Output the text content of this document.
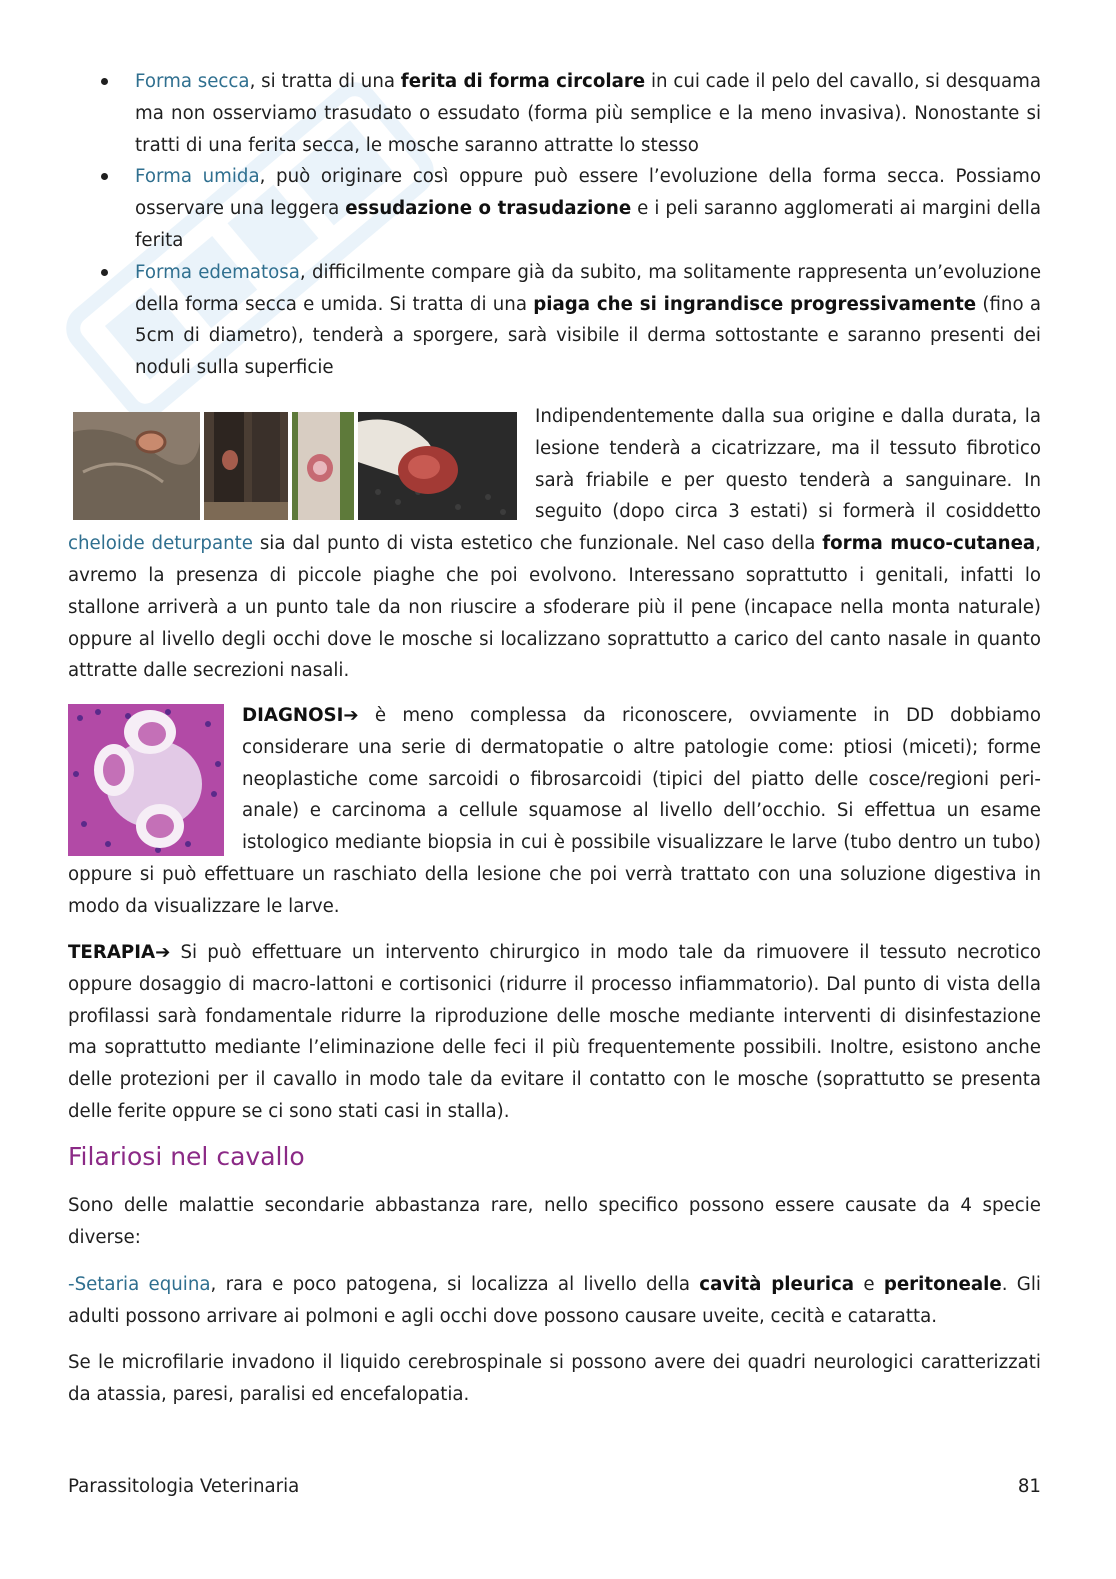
Forma secca, si tratta di una ferita di forma circolare in cui cade il pelo del cavallo, si desquama ma non osserviamo trasudato o essudato (forma più semplice e la meno invasiva). Nonostante si tratti di una ferita secca, le mosche saranno attratte lo stesso
Forma umida, può originare così oppure può essere l’evoluzione della forma secca. Possiamo osservare una leggera essudazione o trasudazione e i peli saranno agglomerati ai margini della ferita
Forma edematosa, difficilmente compare già da subito, ma solitamente rappresenta un’evoluzione della forma secca e umida. Si tratta di una piaga che si ingrandisce progressivamente (fino a 5cm di diametro), tenderà a sporgere, sarà visibile il derma sottostante e saranno presenti dei noduli sulla superficie
Indipendentemente dalla sua origine e dalla durata, la lesione tenderà a cicatrizzare, ma il tessuto fibrotico sarà friabile e per questo tenderà a sanguinare. In seguito (dopo circa 3 estati) si formerà il cosiddetto cheloide deturpante sia dal punto di vista estetico che funzionale. Nel caso della forma muco-cutanea, avremo la presenza di piccole piaghe che poi evolvono. Interessano soprattutto i genitali, infatti lo stallone arriverà a un punto tale da non riuscire a sfoderare più il pene (incapace nella monta naturale) oppure al livello degli occhi dove le mosche si localizzano soprattutto a carico del canto nasale in quanto attratte dalle secrezioni nasali.
DIAGNOSI➔ è meno complessa da riconoscere, ovviamente in DD dobbiamo considerare una serie di dermatopatie o altre patologie come: ptiosi (miceti); forme neoplastiche come sarcoidi o fibrosarcoidi (tipici del piatto delle cosce/regioni peri-anale) e carcinoma a cellule squamose al livello dell’occhio. Si effettua un esame istologico mediante biopsia in cui è possibile visualizzare le larve (tubo dentro un tubo) oppure si può effettuare un raschiato della lesione che poi verrà trattato con una soluzione digestiva in modo da visualizzare le larve.
TERAPIA➔ Si può effettuare un intervento chirurgico in modo tale da rimuovere il tessuto necrotico oppure dosaggio di macro-lattoni e cortisonici (ridurre il processo infiammatorio). Dal punto di vista della profilassi sarà fondamentale ridurre la riproduzione delle mosche mediante interventi di disinfestazione ma soprattutto mediante l’eliminazione delle feci il più frequentemente possibili. Inoltre, esistono anche delle protezioni per il cavallo in modo tale da evitare il contatto con le mosche (soprattutto se presenta delle ferite oppure se ci sono stati casi in stalla).
Filariosi nel cavallo
Sono delle malattie secondarie abbastanza rare, nello specifico possono essere causate da 4 specie diverse:
-Setaria equina, rara e poco patogena, si localizza al livello della cavità pleurica e peritoneale. Gli adulti possono arrivare ai polmoni e agli occhi dove possono causare uveite, cecità e cataratta.
Se le microfilarie invadono il liquido cerebrospinale si possono avere dei quadri neurologici caratterizzati da atassia, paresi, paralisi ed encefalopatia.
Parassitologia Veterinaria	81
